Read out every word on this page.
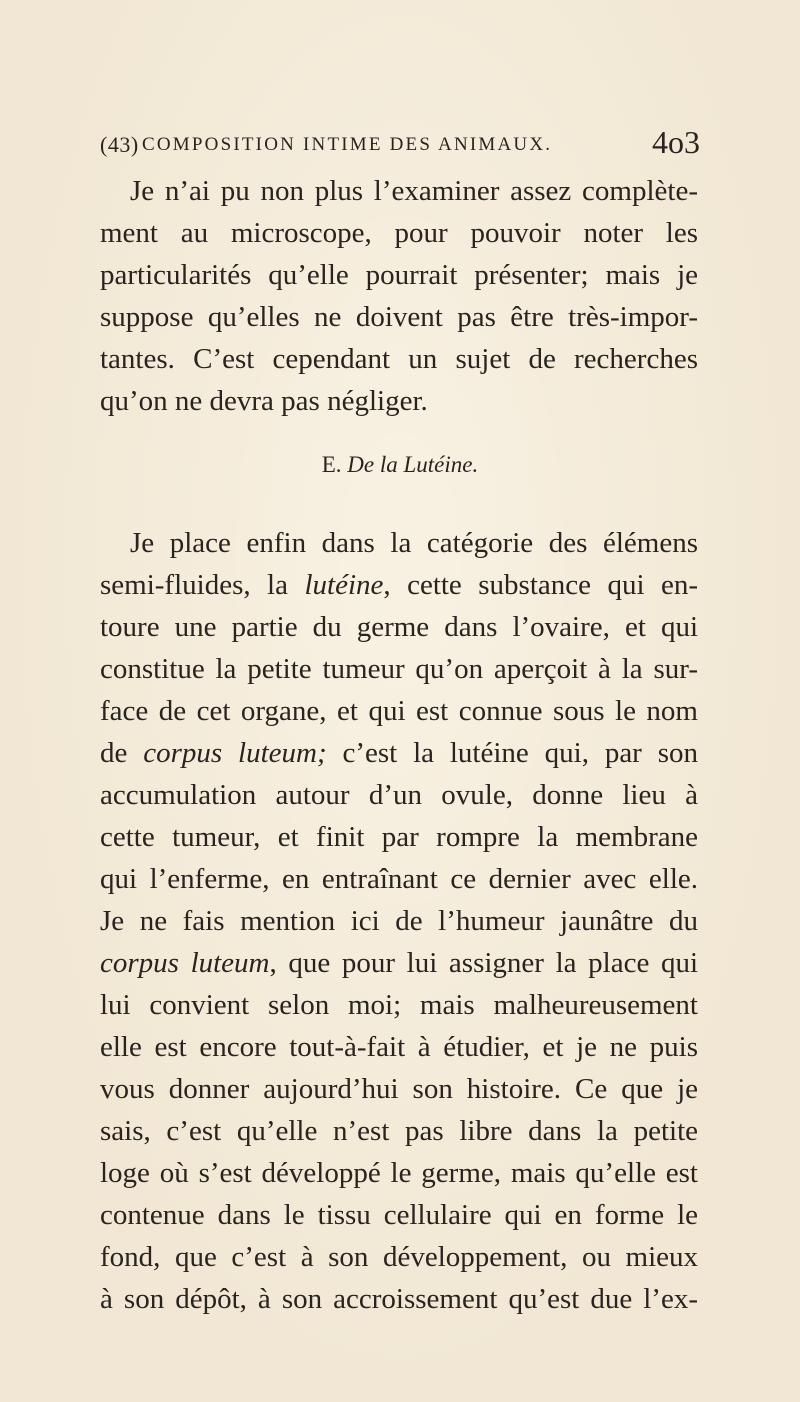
(43) COMPOSITION INTIME DES ANIMAUX.	4o3
Je n’ai pu non plus l’examiner assez complète-
ment au microscope, pour pouvoir noter les
particularités qu’elle pourrait présenter; mais je
suppose qu’elles ne doivent pas être très-impor-
tantes. C’est cependant un sujet de recherches
qu’on ne devra pas négliger.
E. De la Lutéine.
Je place enfin dans la catégorie des élémens
semi-fluides, la lutéine, cette substance qui en-
toure une partie du germe dans l’ovaire, et qui
constitue la petite tumeur qu’on aperçoit à la sur-
face de cet organe, et qui est connue sous le nom
de corpus luteum; c’est la lutéine qui, par son
accumulation autour d’un ovule, donne lieu à
cette tumeur, et finit par rompre la membrane
qui l’enferme, en entraînant ce dernier avec elle.
Je ne fais mention ici de l’humeur jaunâtre du
corpus luteum, que pour lui assigner la place qui
lui convient selon moi; mais malheureusement
elle est encore tout-à-fait à étudier, et je ne puis
vous donner aujourd’hui son histoire. Ce que je
sais, c’est qu’elle n’est pas libre dans la petite
loge où s’est développé le germe, mais qu’elle est
contenue dans le tissu cellulaire qui en forme le
fond, que c’est à son développement, ou mieux
à son dépôt, à son accroissement qu’est due l’ex-
